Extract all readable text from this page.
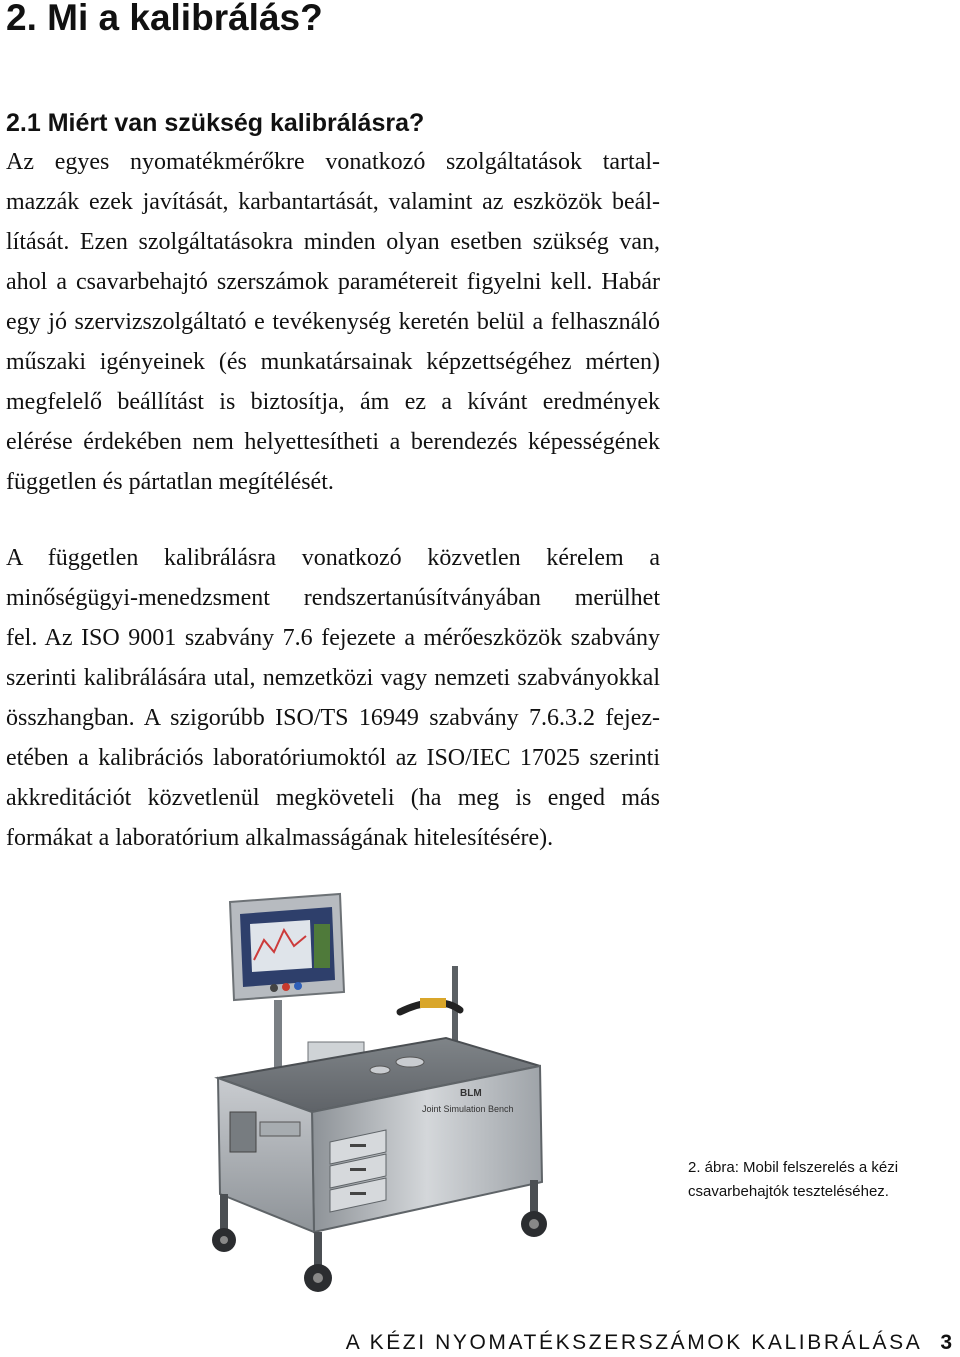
2. Mi a kalibrálás?
2.1 Miért van szükség kalibrálásra?
Az egyes nyomatékmérőkre vonatkozó szolgáltatások tartal-
mazzák ezek javítását, karbantartását, valamint az eszközök beál-
lítását. Ezen szolgáltatásokra minden olyan esetben szükség van,
ahol a csavarbehajtó szerszámok paramétereit figyelni kell. Habár
egy jó szervizszolgáltató e tevékenység keretén belül a felhasználó
műszaki igényeinek (és munkatársainak képzettségéhez mérten)
megfelelő beállítást is biztosítja, ám ez a kívánt eredmények
elérése érdekében nem helyettesítheti a berendezés képességének
független és pártatlan megítélését.
A független kalibrálásra vonatkozó közvetlen kérelem a
minőségügyi-menedzsment rendszertanúsítványában merülhet
fel. Az ISO 9001 szabvány 7.6 fejezete a mérőeszközök szabvány
szerinti kalibrálására utal, nemzetközi vagy nemzeti szabványokkal
összhangban. A szigorúbb ISO/TS 16949 szabvány 7.6.3.2 fejez-
etében a kalibrációs laboratóriumoktól az ISO/IEC 17025 szerinti
akkreditációt közvetlenül megköveteli (ha meg is enged más
formákat a laboratórium alkalmasságának hitelesítésére).
BLM
Joint Simulation Bench
2. ábra: Mobil felszerelés a kézi
csavarbehajtók teszteléséhez.
A KÉZI NYOMATÉKSZERSZÁMOK KALIBRÁLÁSA 3
